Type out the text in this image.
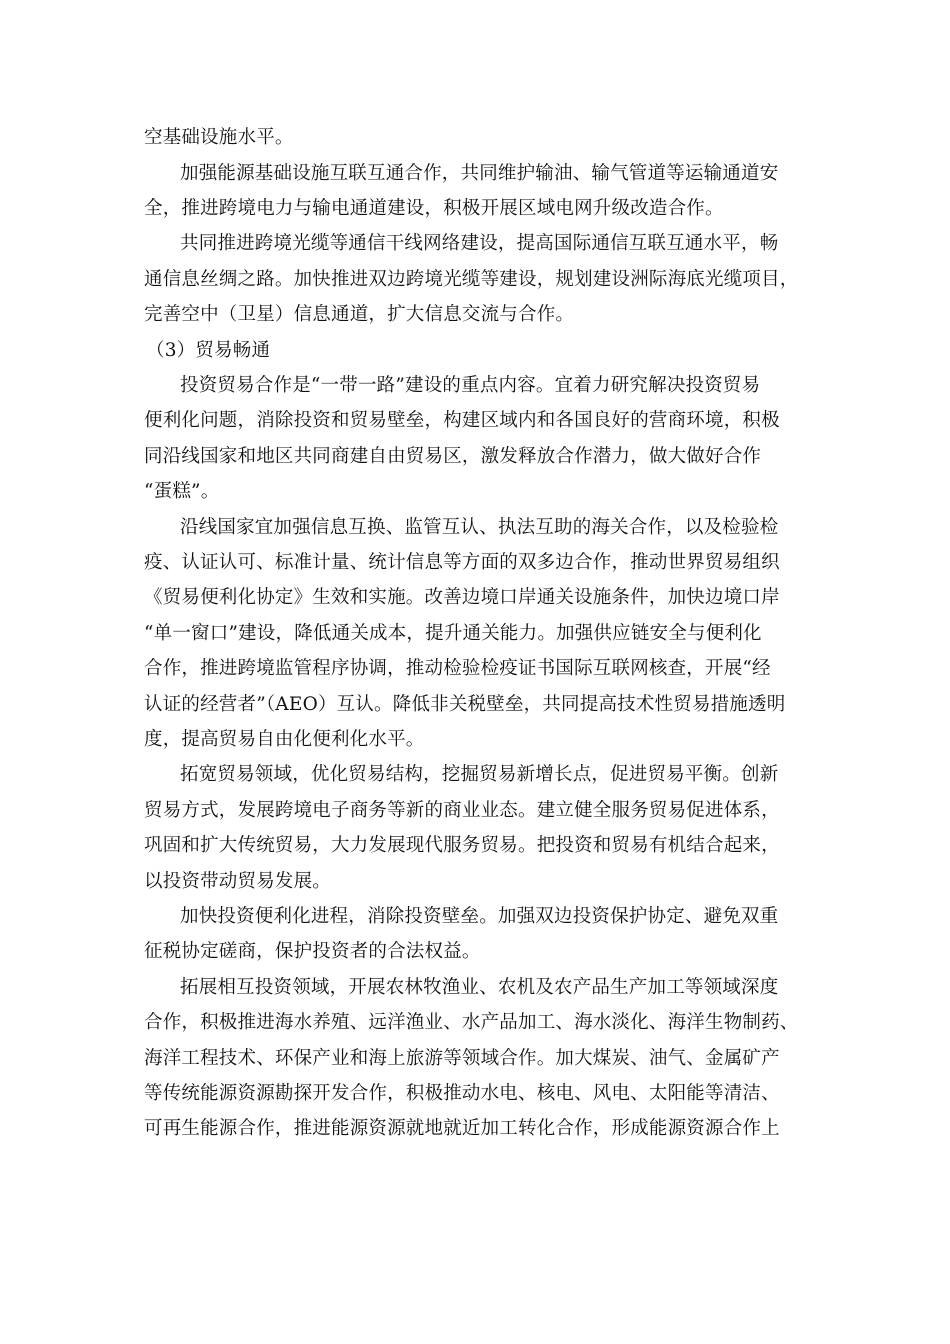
空基础设施水平。
加强能源基础设施互联互通合作，共同维护输油、输气管道等运输通道安
全，推进跨境电力与输电通道建设，积极开展区域电网升级改造合作。
共同推进跨境光缆等通信干线网络建设，提高国际通信互联互通水平，畅
通信息丝绸之路。加快推进双边跨境光缆等建设，规划建设洲际海底光缆项目，
完善空中（卫星）信息通道，扩大信息交流与合作。
（3）贸易畅通
投资贸易合作是“一带一路”建设的重点内容。宜着力研究解决投资贸易
便利化问题，消除投资和贸易壁垒，构建区域内和各国良好的营商环境，积极
同沿线国家和地区共同商建自由贸易区，激发释放合作潜力，做大做好合作
“蛋糕”。
沿线国家宜加强信息互换、监管互认、执法互助的海关合作，以及检验检
疫、认证认可、标准计量、统计信息等方面的双多边合作，推动世界贸易组织
《贸易便利化协定》生效和实施。改善边境口岸通关设施条件，加快边境口岸
“单一窗口”建设，降低通关成本，提升通关能力。加强供应链安全与便利化
合作，推进跨境监管程序协调，推动检验检疫证书国际互联网核查，开展“经
认证的经营者”（AEO）互认。降低非关税壁垒，共同提高技术性贸易措施透明
度，提高贸易自由化便利化水平。
拓宽贸易领域，优化贸易结构，挖掘贸易新增长点，促进贸易平衡。创新
贸易方式，发展跨境电子商务等新的商业业态。建立健全服务贸易促进体系，
巩固和扩大传统贸易，大力发展现代服务贸易。把投资和贸易有机结合起来，
以投资带动贸易发展。
加快投资便利化进程，消除投资壁垒。加强双边投资保护协定、避免双重
征税协定磋商，保护投资者的合法权益。
拓展相互投资领域，开展农林牧渔业、农机及农产品生产加工等领域深度
合作，积极推进海水养殖、远洋渔业、水产品加工、海水淡化、海洋生物制药、
海洋工程技术、环保产业和海上旅游等领域合作。加大煤炭、油气、金属矿产
等传统能源资源勘探开发合作，积极推动水电、核电、风电、太阳能等清洁、
可再生能源合作，推进能源资源就地就近加工转化合作，形成能源资源合作上
